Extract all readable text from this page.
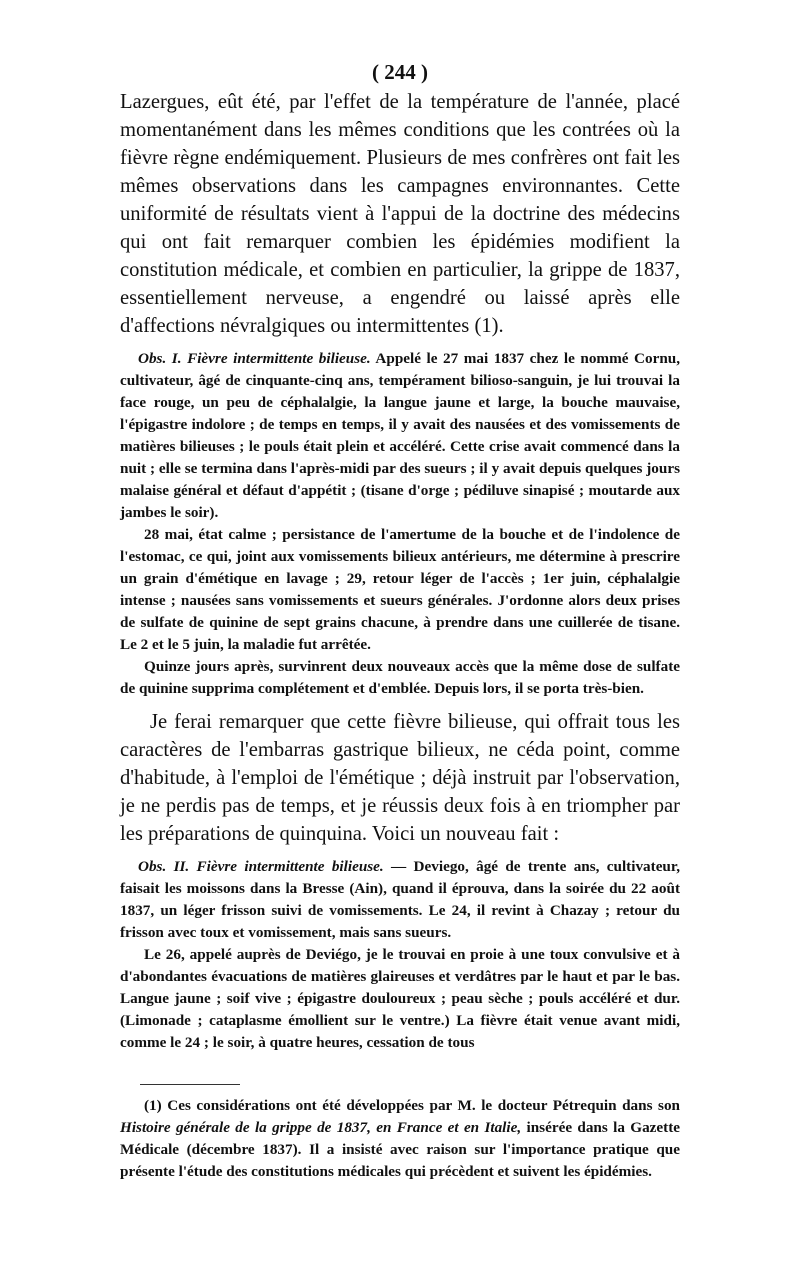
( 244 )

Lazergues, eût été, par l'effet de la température de l'année, placé momentanément dans les mêmes conditions que les contrées où la fièvre règne endémiquement. Plusieurs de mes confrères ont fait les mêmes observations dans les campagnes environnantes. Cette uniformité de résultats vient à l'appui de la doctrine des médecins qui ont fait remarquer combien les épidémies modifient la constitution médicale, et combien en particulier, la grippe de 1837, essentiellement nerveuse, a engendré ou laissé après elle d'affections névralgiques ou intermittentes (1).

Obs. I. Fièvre intermittente bilieuse. Appelé le 27 mai 1837 chez le nommé Cornu, cultivateur, âgé de cinquante-cinq ans, tempérament bilioso-sanguin, je lui trouvai la face rouge, un peu de céphalalgie, la langue jaune et large, la bouche mauvaise, l'épigastre indolore ; de temps en temps, il y avait des nausées et des vomissements de matières bilieuses ; le pouls était plein et accéléré. Cette crise avait commencé dans la nuit ; elle se termina dans l'après-midi par des sueurs ; il y avait depuis quelques jours malaise général et défaut d'appétit ; (tisane d'orge ; pédiluve sinapisé ; moutarde aux jambes le soir).

28 mai, état calme ; persistance de l'amertume de la bouche et de l'indolence de l'estomac, ce qui, joint aux vomissements bilieux antérieurs, me détermine à prescrire un grain d'émétique en lavage ; 29, retour léger de l'accès ; 1er juin, céphalalgie intense ; nausées sans vomissements et sueurs générales. J'ordonne alors deux prises de sulfate de quinine de sept grains chacune, à prendre dans une cuillerée de tisane. Le 2 et le 5 juin, la maladie fut arrêtée.

Quinze jours après, survinrent deux nouveaux accès que la même dose de sulfate de quinine supprima complétement et d'emblée. Depuis lors, il se porta très-bien.

Je ferai remarquer que cette fièvre bilieuse, qui offrait tous les caractères de l'embarras gastrique bilieux, ne céda point, comme d'habitude, à l'emploi de l'émétique ; déjà instruit par l'observation, je ne perdis pas de temps, et je réussis deux fois à en triompher par les préparations de quinquina. Voici un nouveau fait :

Obs. II. Fièvre intermittente bilieuse. — Deviego, âgé de trente ans, cultivateur, faisait les moissons dans la Bresse (Ain), quand il éprouva, dans la soirée du 22 août 1837, un léger frisson suivi de vomissements. Le 24, il revint à Chazay ; retour du frisson avec toux et vomissement, mais sans sueurs.

Le 26, appelé auprès de Deviégo, je le trouvai en proie à une toux convulsive et à d'abondantes évacuations de matières glaireuses et verdâtres par le haut et par le bas. Langue jaune ; soif vive ; épigastre douloureux ; peau sèche ; pouls accéléré et dur. (Limonade ; cataplasme émollient sur le ventre.) La fièvre était venue avant midi, comme le 24 ; le soir, à quatre heures, cessation de tous

(1) Ces considérations ont été développées par M. le docteur Pétrequin dans son Histoire générale de la grippe de 1837, en France et en Italie, insérée dans la Gazette Médicale (décembre 1837). Il a insisté avec raison sur l'importance pratique que présente l'étude des constitutions médicales qui précèdent et suivent les épidémies.
